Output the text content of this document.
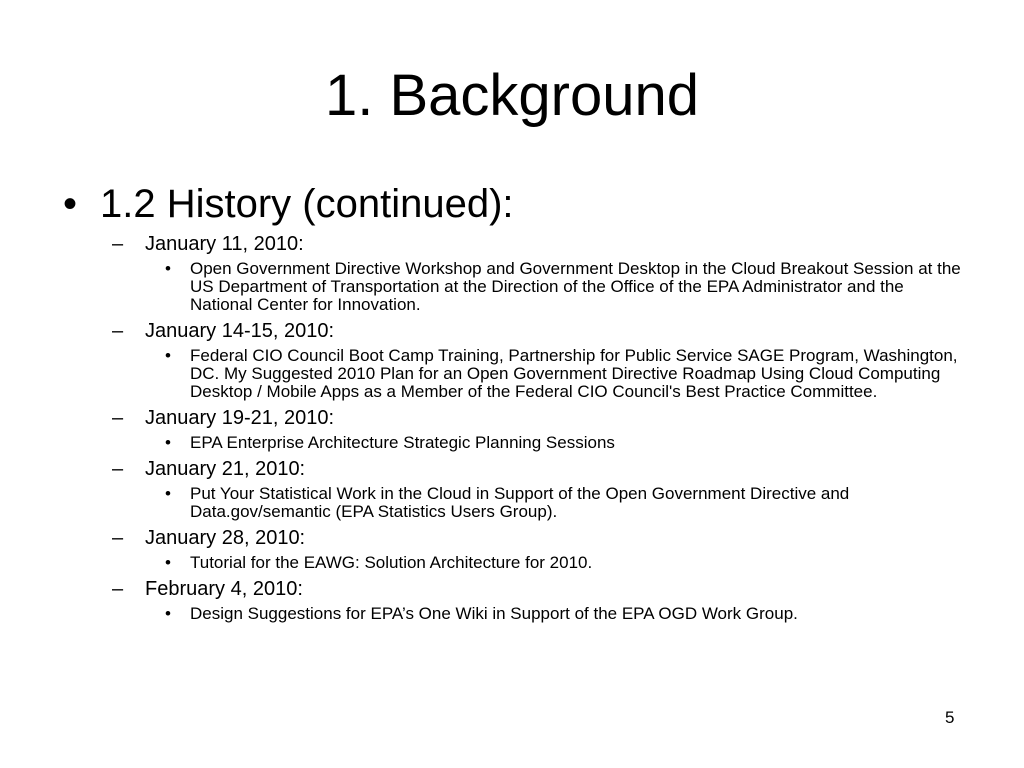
1. Background
• 1.2 History (continued):
– January 11, 2010:
• Open Government Directive Workshop and Government Desktop in the Cloud Breakout Session at the US Department of Transportation at the Direction of the Office of the EPA Administrator and the National Center for Innovation.
– January 14-15, 2010:
• Federal CIO Council Boot Camp Training, Partnership for Public Service SAGE Program, Washington, DC. My Suggested 2010 Plan for an Open Government Directive Roadmap Using Cloud Computing Desktop / Mobile Apps as a Member of the Federal CIO Council's Best Practice Committee.
– January 19-21, 2010:
• EPA Enterprise Architecture Strategic Planning Sessions
– January 21, 2010:
• Put Your Statistical Work in the Cloud in Support of the Open Government Directive and Data.gov/semantic (EPA Statistics Users Group).
– January 28, 2010:
• Tutorial for the EAWG: Solution Architecture for 2010.
– February 4, 2010:
• Design Suggestions for EPA’s One Wiki in Support of the EPA OGD Work Group.
5
